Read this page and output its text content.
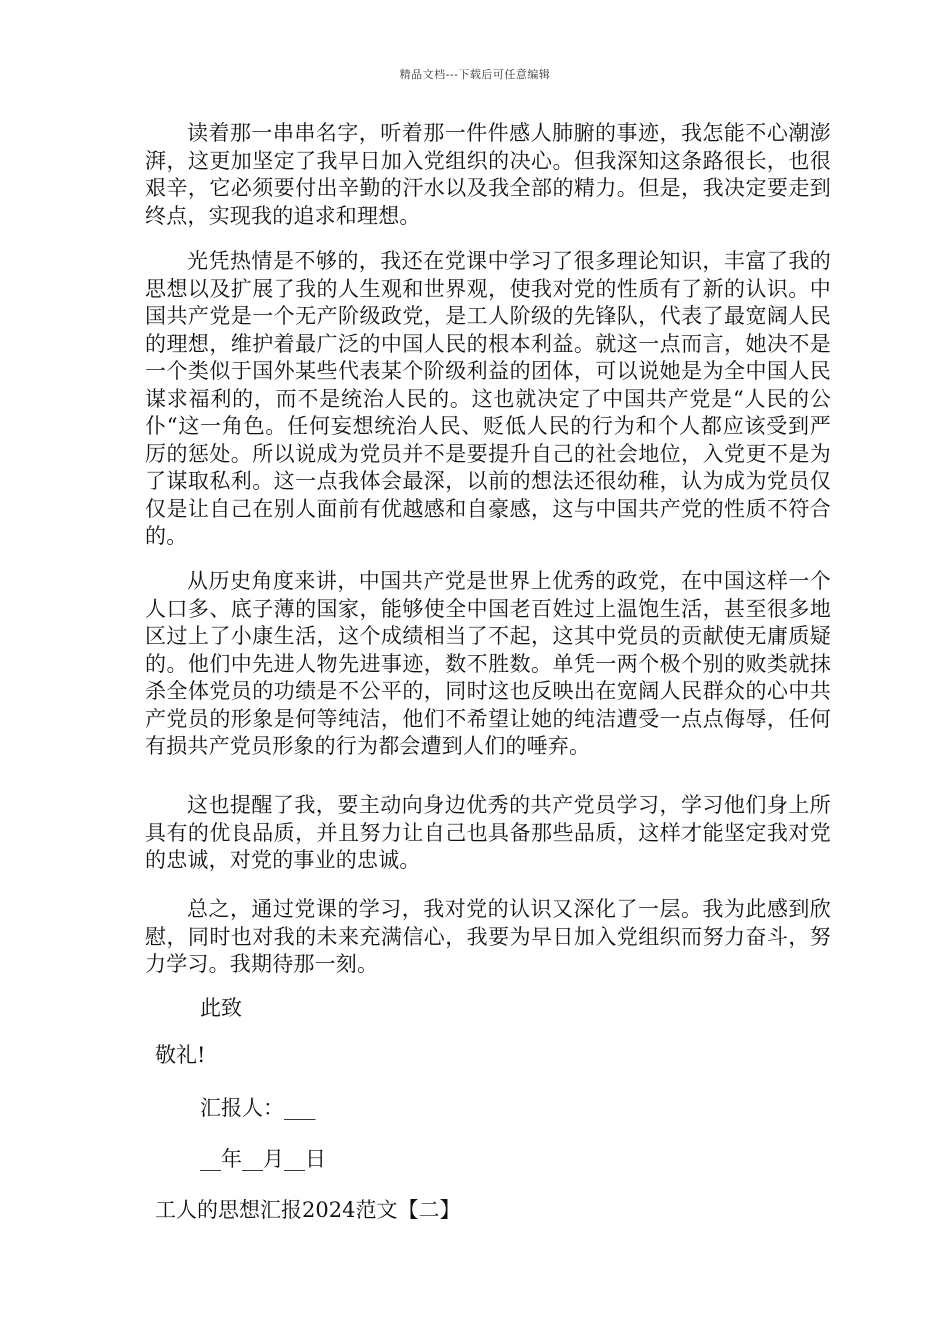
精品文档---下载后可任意编辑

读着那一串串名字，听着那一件件感人肺腑的事迹，我怎能不心潮澎湃，这更加坚定了我早日加入党组织的决心。但我深知这条路很长，也很艰辛，它必须要付出辛勤的汗水以及我全部的精力。但是，我决定要走到终点，实现我的追求和理想。

光凭热情是不够的，我还在党课中学习了很多理论知识，丰富了我的思想以及扩展了我的人生观和世界观，使我对党的性质有了新的认识。中国共产党是一个无产阶级政党，是工人阶级的先锋队，代表了最宽阔人民的理想，维护着最广泛的中国人民的根本利益。就这一点而言，她决不是一个类似于国外某些代表某个阶级利益的团体，可以说她是为全中国人民谋求福利的，而不是统治人民的。这也就决定了中国共产党是“人民的公仆“这一角色。任何妄想统治人民、贬低人民的行为和个人都应该受到严厉的惩处。所以说成为党员并不是要提升自己的社会地位，入党更不是为了谋取私利。这一点我体会最深，以前的想法还很幼稚，认为成为党员仅仅是让自己在别人面前有优越感和自豪感，这与中国共产党的性质不符合的。

从历史角度来讲，中国共产党是世界上优秀的政党，在中国这样一个人口多、底子薄的国家，能够使全中国老百姓过上温饱生活，甚至很多地区过上了小康生活，这个成绩相当了不起，这其中党员的贡献使无庸质疑的。他们中先进人物先进事迹，数不胜数。单凭一两个极个别的败类就抹杀全体党员的功绩是不公平的，同时这也反映出在宽阔人民群众的心中共产党员的形象是何等纯洁，他们不希望让她的纯洁遭受一点点侮辱，任何有损共产党员形象的行为都会遭到人们的唾弃。

这也提醒了我，要主动向身边优秀的共产党员学习，学习他们身上所具有的优良品质，并且努力让自己也具备那些品质，这样才能坚定我对党的忠诚，对党的事业的忠诚。

总之，通过党课的学习，我对党的认识又深化了一层。我为此感到欣慰，同时也对我的未来充满信心，我要为早日加入党组织而努力奋斗，努力学习。我期待那一刻。

此致
敬礼!
汇报人：___
__年__月__日
工人的思想汇报2024范文【二】
